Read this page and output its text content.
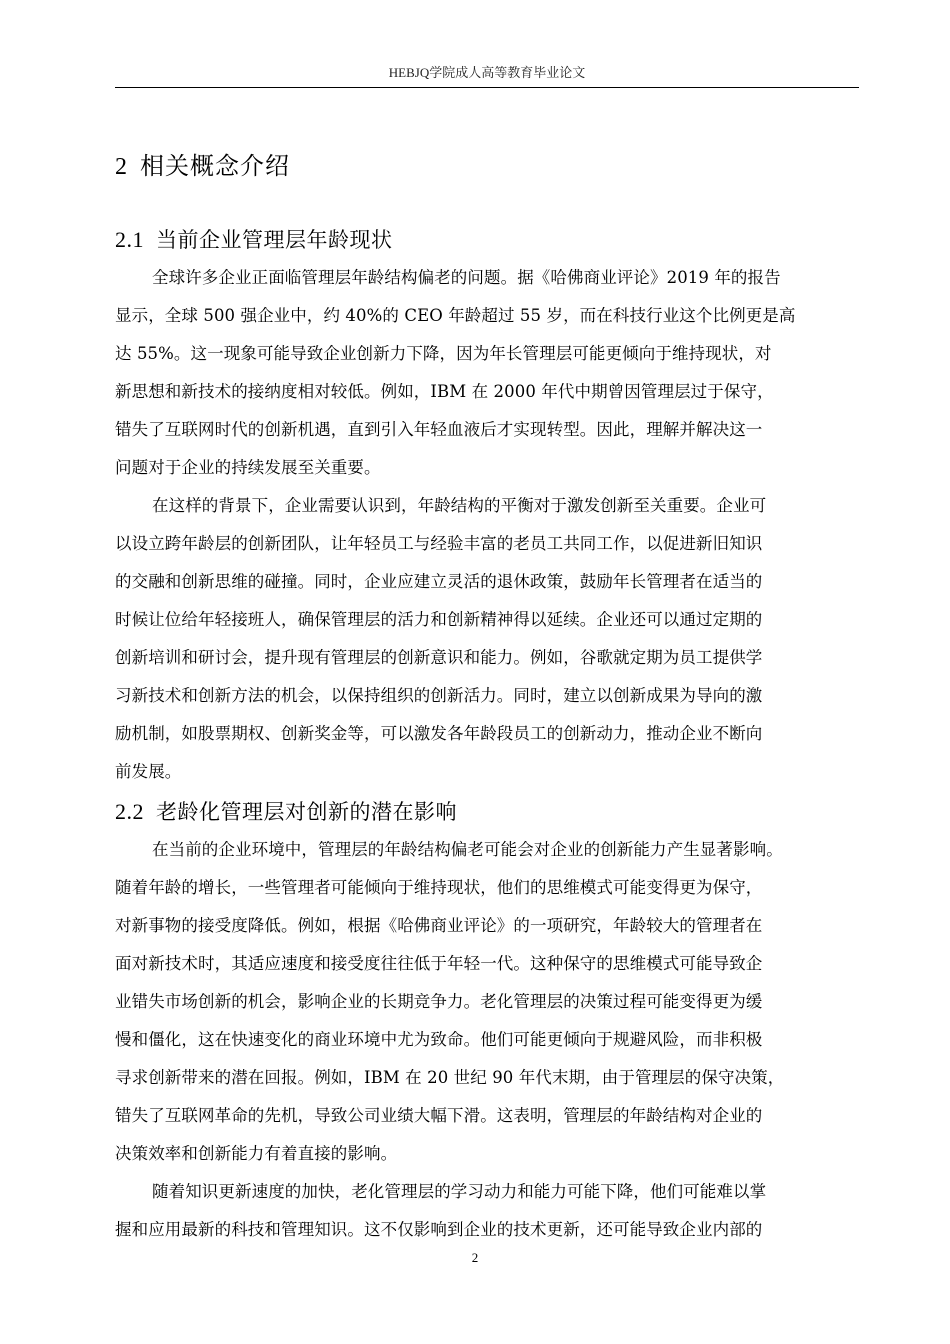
HEBJQ学院成人高等教育毕业论文
2 相关概念介绍
2.1 当前企业管理层年龄现状
全球许多企业正面临管理层年龄结构偏老的问题。据《哈佛商业评论》2019 年的报告
显示，全球 500 强企业中，约 40%的 CEO 年龄超过 55 岁，而在科技行业这个比例更是高
达 55%。这一现象可能导致企业创新力下降，因为年长管理层可能更倾向于维持现状，对
新思想和新技术的接纳度相对较低。例如，IBM 在 2000 年代中期曾因管理层过于保守，
错失了互联网时代的创新机遇，直到引入年轻血液后才实现转型。因此，理解并解决这一
问题对于企业的持续发展至关重要。
在这样的背景下，企业需要认识到，年龄结构的平衡对于激发创新至关重要。企业可
以设立跨年龄层的创新团队，让年轻员工与经验丰富的老员工共同工作，以促进新旧知识
的交融和创新思维的碰撞。同时，企业应建立灵活的退休政策，鼓励年长管理者在适当的
时候让位给年轻接班人，确保管理层的活力和创新精神得以延续。企业还可以通过定期的
创新培训和研讨会，提升现有管理层的创新意识和能力。例如，谷歌就定期为员工提供学
习新技术和创新方法的机会，以保持组织的创新活力。同时，建立以创新成果为导向的激
励机制，如股票期权、创新奖金等，可以激发各年龄段员工的创新动力，推动企业不断向
前发展。
2.2 老龄化管理层对创新的潜在影响
在当前的企业环境中，管理层的年龄结构偏老可能会对企业的创新能力产生显著影响。
随着年龄的增长，一些管理者可能倾向于维持现状，他们的思维模式可能变得更为保守，
对新事物的接受度降低。例如，根据《哈佛商业评论》的一项研究，年龄较大的管理者在
面对新技术时，其适应速度和接受度往往低于年轻一代。这种保守的思维模式可能导致企
业错失市场创新的机会，影响企业的长期竞争力。老化管理层的决策过程可能变得更为缓
慢和僵化，这在快速变化的商业环境中尤为致命。他们可能更倾向于规避风险，而非积极
寻求创新带来的潜在回报。例如，IBM 在 20 世纪 90 年代末期，由于管理层的保守决策，
错失了互联网革命的先机，导致公司业绩大幅下滑。这表明，管理层的年龄结构对企业的
决策效率和创新能力有着直接的影响。
随着知识更新速度的加快，老化管理层的学习动力和能力可能下降，他们可能难以掌
握和应用最新的科技和管理知识。这不仅影响到企业的技术更新，还可能导致企业内部的
2
